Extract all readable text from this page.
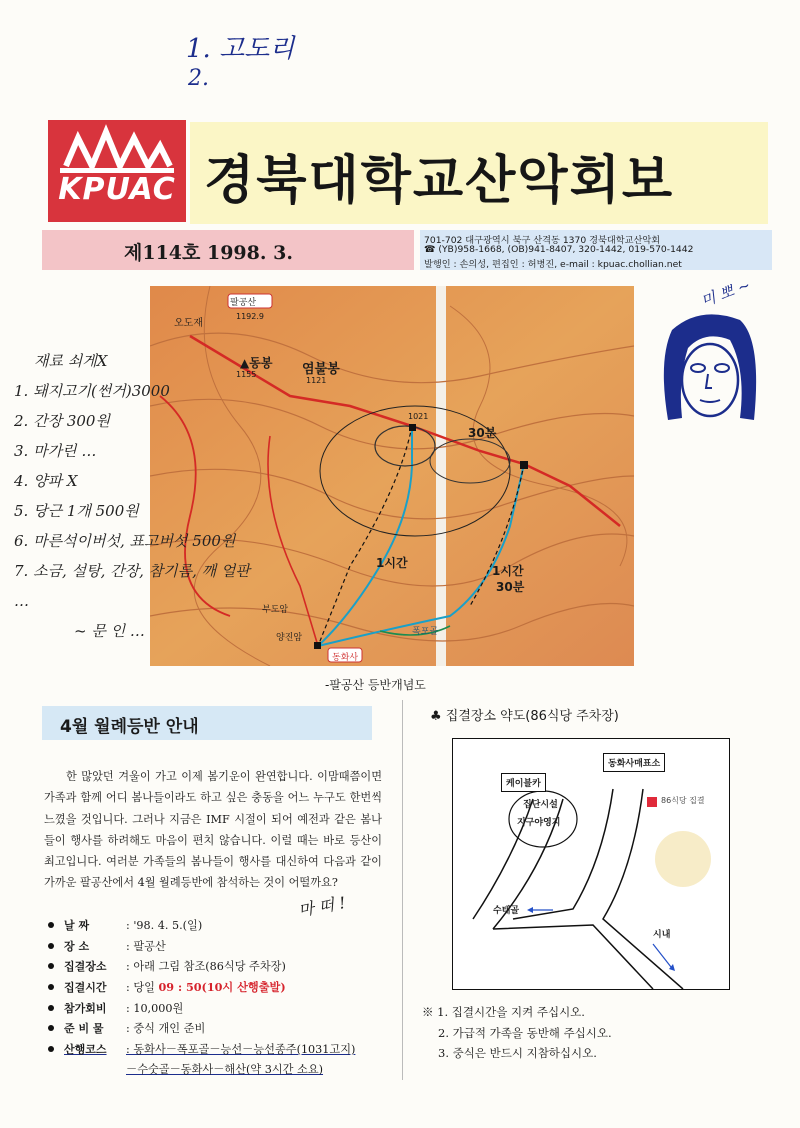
1. 고도리
2.
KPUAC 경북대학교산악회보
제114호 1998. 3.
701-702 대구광역시 북구 산격동 1370 경북대학교산악회
☎ (YB)958-1668, (OB)941-8407, 320-1442, 019-570-1442
발행인 : 손의성, 편집인 : 허병진, e-mail : kpuac.chollian.net
팔공산
1192.9
오도재
▲동봉
1155	염불봉
1121
1021
30분
1시간
1시간
30분
폭포골
동화사
부도암
양진암
-팔공산 등반개념도
재료 쇠게X
1. 돼지고기(썬거)3000
2. 간장 300원
3. 마가린 …
4. 양파 X
5. 당근 1개 500원
6. 마른석이버섯, 표고버섯 500원
7. 소금, 설탕, 간장, 참기름, 깨 얼판 …
~ 문 인 …
미 뽀 ~
4월 월례등반 안내

한 많았던 겨울이 가고 이제 봄기운이 완연합니다. 이맘때쯤이면 가족과 함께 어디 봄나들이라도 하고 싶은 충동을 어느 누구도 한번씩 느꼈을 것입니다. 그러나 지금은 IMF 시절이 되어 예전과 같은 봄나들이 행사를 하려해도 마음이 편치 않습니다. 이럴 때는 바로 등산이 최고입니다. 여러분 가족들의 봄나들이 행사를 대신하여 다음과 같이 가까운 팔공산에서 4월 월례등반에 참석하는 것이 어떨까요?

날 짜	: '98. 4. 5.(일)
장 소	: 팔공산
집결장소	: 아래 그림 참조(86식당 주차장)
집결시간	: 당일 09 : 50(10시 산행출발)
참가회비	: 10,000원
준 비 물	: 중식 개인 준비
산행코스	: 동화사－폭포골－능선－능선종주(1031고지)
－수숫골－동화사－해산(약 3시간 소요)
마 떠 !
♣ 집결장소 약도(86식당 주차장)
케이블카
동화사매표소
집단시설
지구야영지
86식당 집결
수태골
시내
※ 1. 집결시간을 지켜 주십시오.
2. 가급적 가족을 동반해 주십시오.
3. 중식은 반드시 지참하십시오.
